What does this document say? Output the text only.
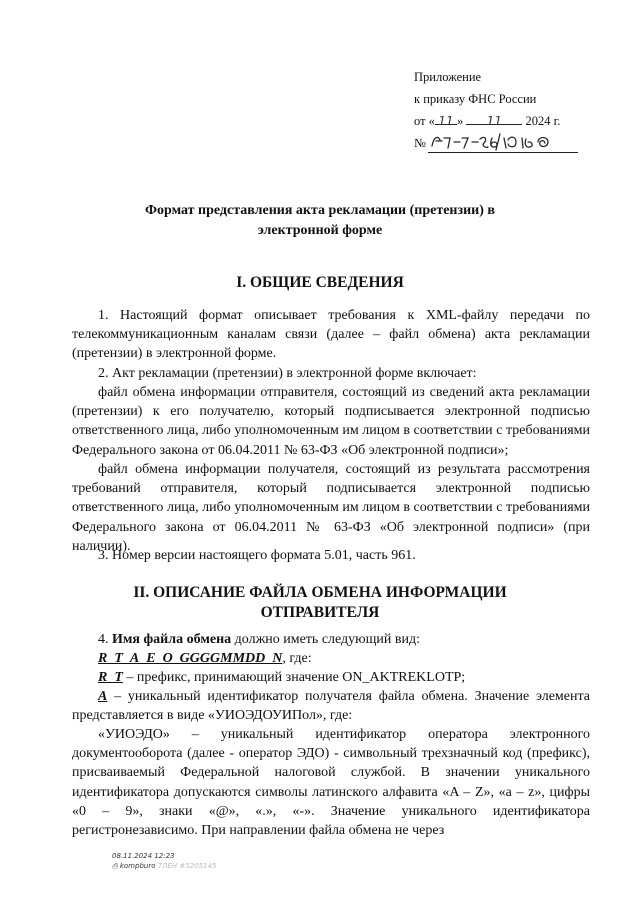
Приложение
к приказу ФНС России
от « 11 » 11 2024 г.
№
Формат представления акта рекламации (претензии) в
электронной форме
I. ОБЩИЕ СВЕДЕНИЯ
1. Настоящий формат описывает требования к XML-файлу передачи по телекоммуникационным каналам связи (далее – файл обмена) акта рекламации (претензии) в электронной форме.
2. Акт рекламации (претензии) в электронной форме включает:
файл обмена информации отправителя, состоящий из сведений акта рекламации (претензии) к его получателю, который подписывается электронной подписью ответственного лица, либо уполномоченным им лицом в соответствии с требованиями Федерального закона от 06.04.2011 № 63-ФЗ «Об электронной подписи»;
файл обмена информации получателя, состоящий из результата рассмотрения требований отправителя, который подписывается электронной подписью ответственного лица, либо уполномоченным им лицом в соответствии с требованиями Федерального закона от 06.04.2011 № 63-ФЗ «Об электронной подписи» (при наличии).
3. Номер версии настоящего формата 5.01, часть 961.
II. ОПИСАНИЕ ФАЙЛА ОБМЕНА ИНФОРМАЦИИ
ОТПРАВИТЕЛЯ
4. Имя файла обмена должно иметь следующий вид:
R_T_A_E_O_GGGGMMDD_N, где:
R_T – префикс, принимающий значение ON_AKTREKLOTP;
A – уникальный идентификатор получателя файла обмена. Значение элемента представляется в виде «УИОЭДОУИПол», где:
«УИОЭДО» – уникальный идентификатор оператора электронного документооборота (далее - оператор ЭДО) - символьный трехзначный код (префикс), присваиваемый Федеральной налоговой службой. В значении уникального идентификатора допускаются символы латинского алфавита «A – Z», «a – z», цифры «0 – 9», знаки «@», «.», «-». Значение уникального идентификатора регистронезависимо. При направлении файла обмена не через
08.11.2024 12:23
⎙ kompburo 7ЛЕН #5205145
